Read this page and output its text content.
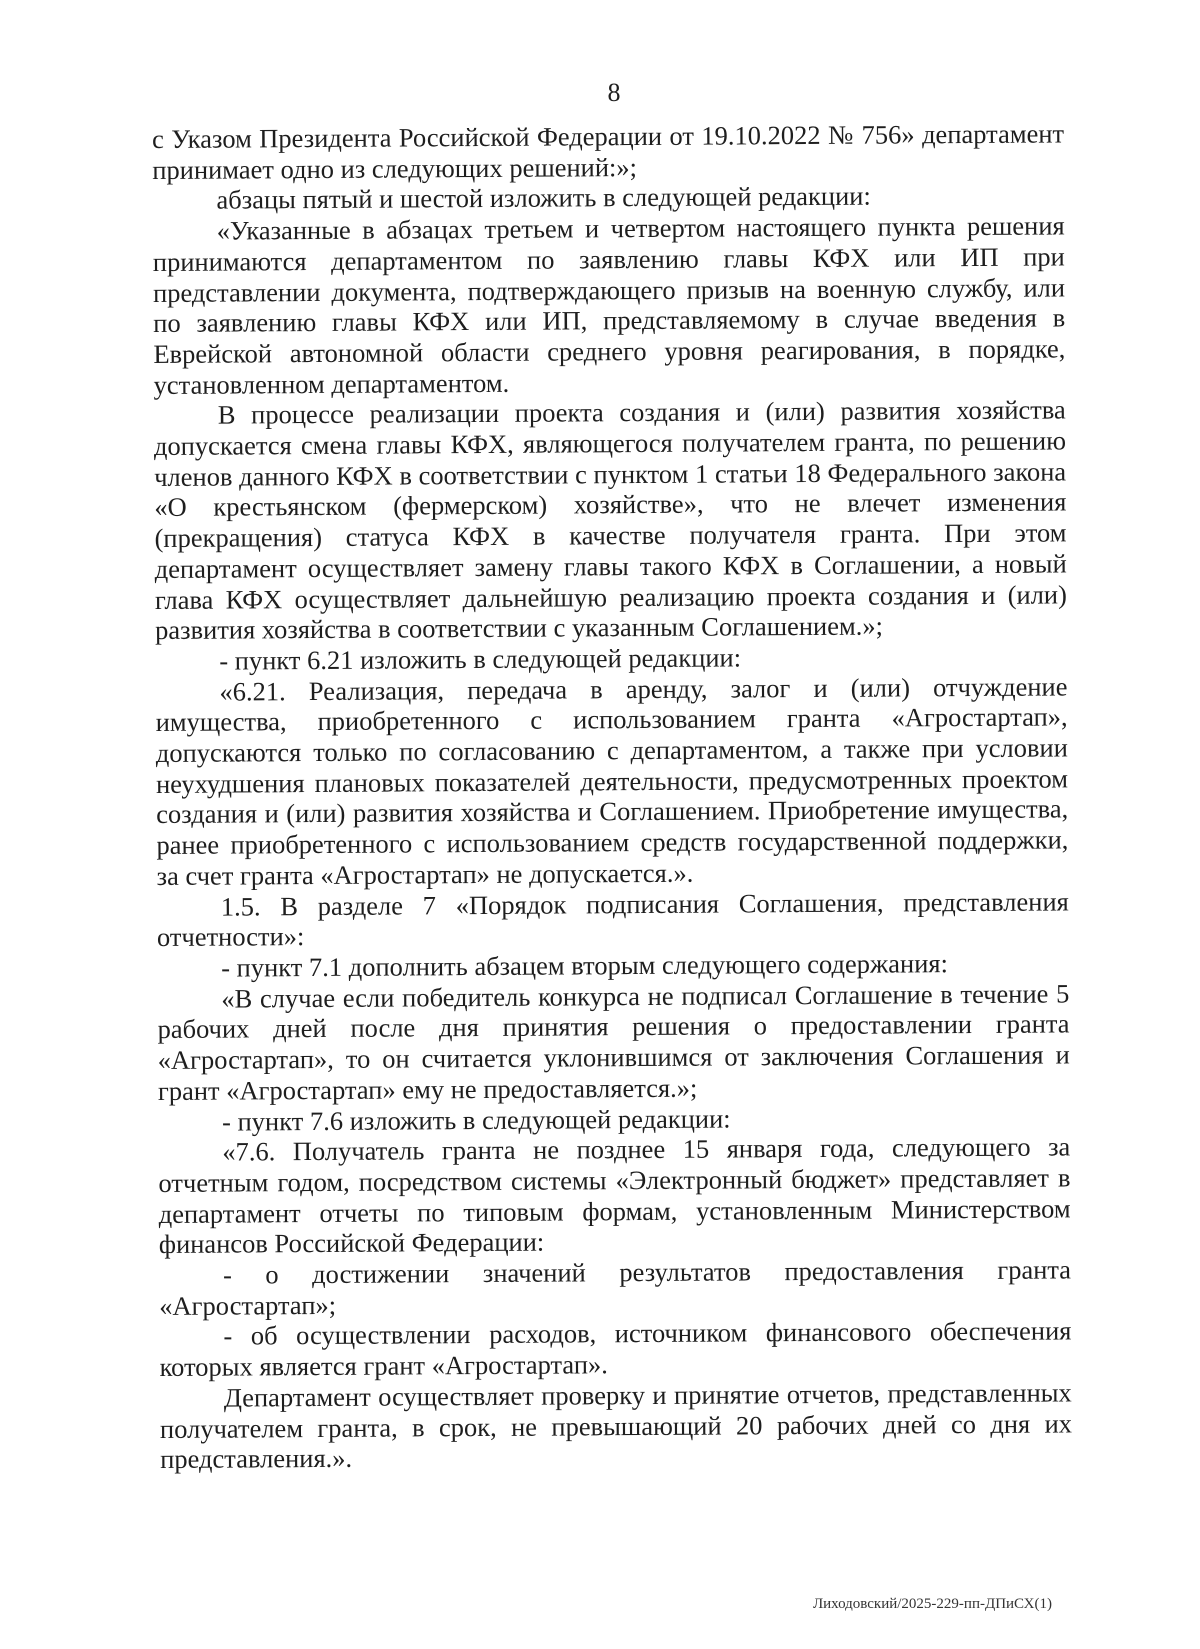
8

с Указом Президента Российской Федерации от 19.10.2022 № 756» департамент принимает одно из следующих решений:»;

абзацы пятый и шестой изложить в следующей редакции:

«Указанные в абзацах третьем и четвертом настоящего пункта решения принимаются департаментом по заявлению главы КФХ или ИП при представлении документа, подтверждающего призыв на военную службу, или по заявлению главы КФХ или ИП, представляемому в случае введения в Еврейской автономной области среднего уровня реагирования, в порядке, установленном департаментом.

В процессе реализации проекта создания и (или) развития хозяйства допускается смена главы КФХ, являющегося получателем гранта, по решению членов данного КФХ в соответствии с пунктом 1 статьи 18 Федерального закона «О крестьянском (фермерском) хозяйстве», что не влечет изменения (прекращения) статуса КФХ в качестве получателя гранта. При этом департамент осуществляет замену главы такого КФХ в Соглашении, а новый глава КФХ осуществляет дальнейшую реализацию проекта создания и (или) развития хозяйства в соответствии с указанным Соглашением.»;

- пункт 6.21 изложить в следующей редакции:

«6.21. Реализация, передача в аренду, залог и (или) отчуждение имущества, приобретенного с использованием гранта «Агростартап», допускаются только по согласованию с департаментом, а также при условии неухудшения плановых показателей деятельности, предусмотренных проектом создания и (или) развития хозяйства и Соглашением. Приобретение имущества, ранее приобретенного с использованием средств государственной поддержки, за счет гранта «Агростартап» не допускается.».

1.5. В разделе 7 «Порядок подписания Соглашения, представления отчетности»:

- пункт 7.1 дополнить абзацем вторым следующего содержания:

«В случае если победитель конкурса не подписал Соглашение в течение 5 рабочих дней после дня принятия решения о предоставлении гранта «Агростартап», то он считается уклонившимся от заключения Соглашения и грант «Агростартап» ему не предоставляется.»;

- пункт 7.6 изложить в следующей редакции:

«7.6. Получатель гранта не позднее 15 января года, следующего за отчетным годом, посредством системы «Электронный бюджет» представляет в департамент отчеты по типовым формам, установленным Министерством финансов Российской Федерации:

- о достижении значений результатов предоставления гранта «Агростартап»;

- об осуществлении расходов, источником финансового обеспечения которых является грант «Агростартап».

Департамент осуществляет проверку и принятие отчетов, представленных получателем гранта, в срок, не превышающий 20 рабочих дней со дня их представления.».

Лиходовский/2025-229-пп-ДПиСХ(1)
